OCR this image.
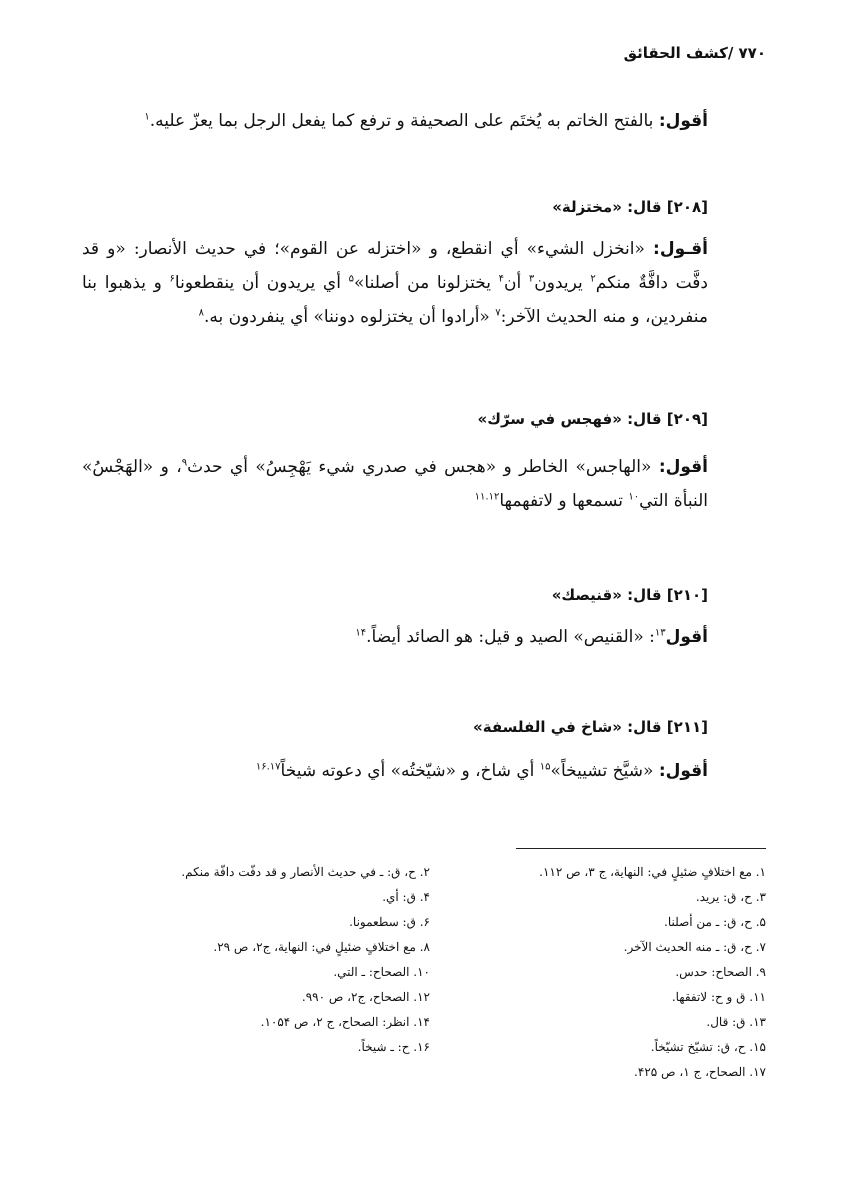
۷۷۰ /کشف الحقائق
أقول: بالفتح الخاتم به يُختَم على الصحيفة و ترفع كما يفعل الرجل بما يعزّ عليه.$^۱$
[۲۰۸] قال: «مختزلة»
أقـول: «انخزل الشيء» أي انقطع، و «اختزله عن القوم»؛ في حديث الأنصار: «و قد دفَّت دافَّةٌ منكم$^۲$ يريدون$^۳$ أن$^۴$ يختزلونا من أصلنا»$^۵$ أي يريدون أن ينقطعونا$^۶$ و يذهبوا بنا منفردين، و منه الحديث الآخر:$^۷$ «أرادوا أن يختزلوه دوننا» أي ينفردون به.$^۸$
[۲۰۹] قال: «فهجس في سرّك»
أقول: «الهاجس» الخاطر و «هجس في صدري شيء يَهْجِسُ» أي حدث$^۹$، و «الهَجْسُ» النبأة التي$^{۱۰}$ تسمعها و لاتفهمها$^{۱۱.۱۲}$
[۲۱۰] قال: «قنيصك»
أقول$^{۱۳}$: «القنيص» الصيد و قيل: هو الصائد أيضاً.$^{۱۴}$
[۲۱۱] قال: «شاخ في الفلسفة»
أقول: «شيَّخ تشييخاً»$^{۱۵}$ أي شاخ، و «شيّختُه» أي دعوته شيخاً$^{۱۶.۱۷}$
۱. مع اختلافٍ ضئيلٍ في: النهاية، ج ۳، ص ۱۱۲.
۳. ح، ق: يريد.
۵. ح، ق: ـ من أصلنا.
۷. ح، ق: ـ منه الحديث الآخر.
۹. الصحاح: حدس.
۱۱. ق و ح: لاتفقها.
۱۳. ق: قال.
۱۵. ح، ق: تشيّخ تشيّخاً.
۱۷. الصحاح، ج ۱، ص ۴۲۵.
۲. ح، ق: ـ في حديث الأنصار و قد دفّت دافّة منكم.
۴. ق: أي.
۶. ق: سطعمونا.
۸. مع اختلافٍ ضئيلٍ في: النهاية، ج۲، ص ۲۹.
۱۰. الصحاح: ـ التي.
۱۲. الصحاح، ج۲، ص ۹۹۰.
۱۴. انظر: الصحاح، ج ۲، ص ۱۰۵۴.
۱۶. ح: ـ شيخاً.
